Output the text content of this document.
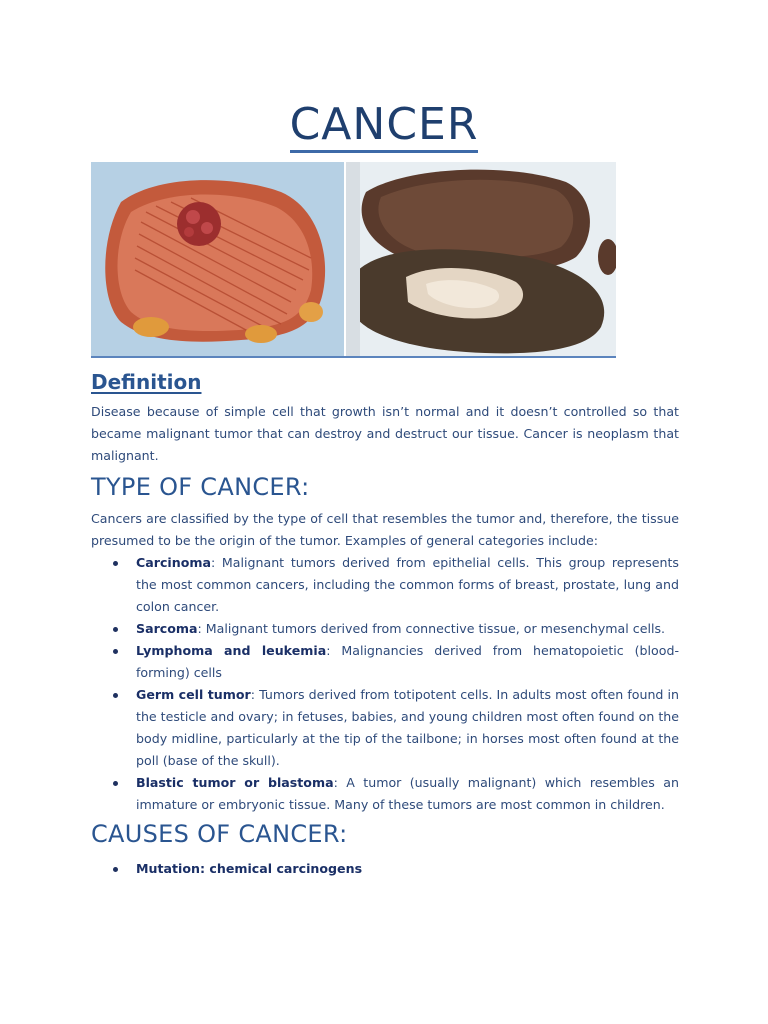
CANCER
Definition
Disease because of simple cell that growth isn’t normal and it doesn’t controlled so that became malignant tumor that can destroy and destruct our tissue. Cancer is neoplasm that malignant.
TYPE OF CANCER:
Cancers are classified by the type of cell that resembles the tumor and, therefore, the tissue presumed to be the origin of the tumor. Examples of general categories include:
Carcinoma: Malignant tumors derived from epithelial cells. This group represents the most common cancers, including the common forms of breast, prostate, lung and colon cancer.
Sarcoma: Malignant tumors derived from connective tissue, or mesenchymal cells.
Lymphoma and leukemia: Malignancies derived from hematopoietic (blood-forming) cells
Germ cell tumor: Tumors derived from totipotent cells. In adults most often found in the testicle and ovary; in fetuses, babies, and young children most often found on the body midline, particularly at the tip of the tailbone; in horses most often found at the poll (base of the skull).
Blastic tumor or blastoma: A tumor (usually malignant) which resembles an immature or embryonic tissue. Many of these tumors are most common in children.
CAUSES OF CANCER:
Mutation: chemical carcinogens
